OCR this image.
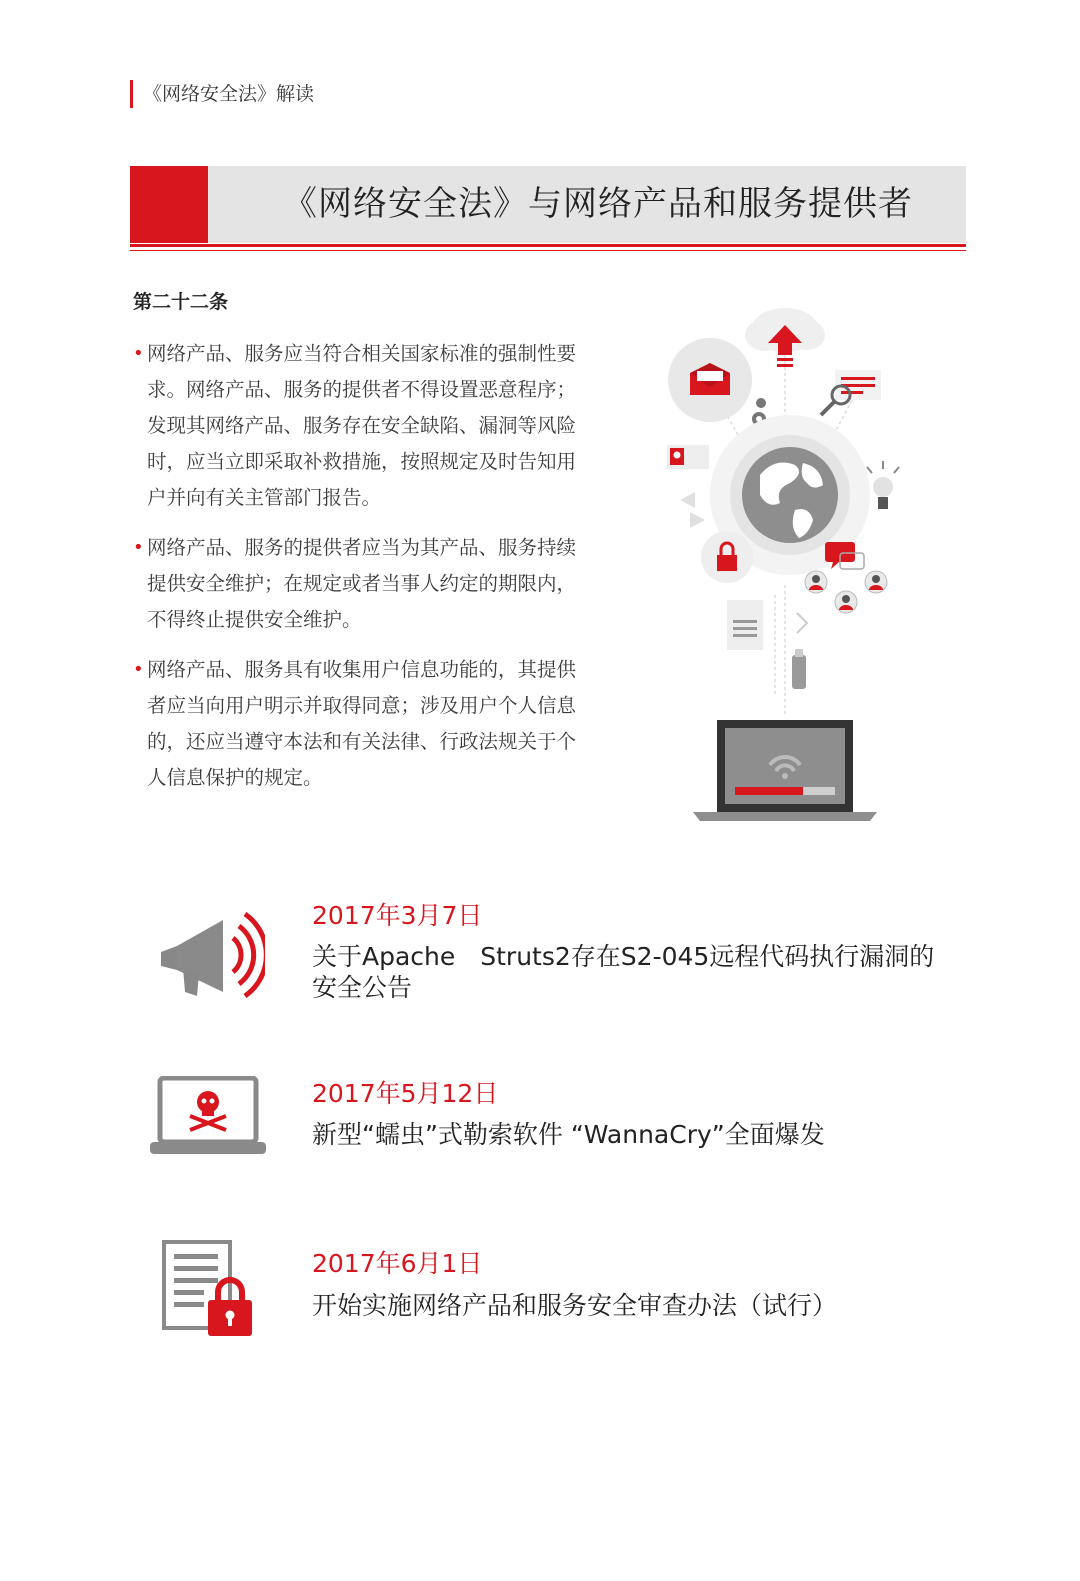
《网络安全法》解读
《网络安全法》与网络产品和服务提供者
第二十二条
• 网络产品、服务应当符合相关国家标准的强制性要求。网络产品、服务的提供者不得设置恶意程序；发现其网络产品、服务存在安全缺陷、漏洞等风险时，应当立即采取补救措施，按照规定及时告知用户并向有关主管部门报告。
• 网络产品、服务的提供者应当为其产品、服务持续提供安全维护；在规定或者当事人约定的期限内，不得终止提供安全维护。
• 网络产品、服务具有收集用户信息功能的，其提供者应当向用户明示并取得同意；涉及用户个人信息的，还应当遵守本法和有关法律、行政法规关于个人信息保护的规定。
2017年3月7日
关于Apache　Struts2存在S2-045远程代码执行漏洞的安全公告
2017年5月12日
新型“蠕虫”式勒索软件 “WannaCry”全面爆发
2017年6月1日
开始实施网络产品和服务安全审查办法（试行）
